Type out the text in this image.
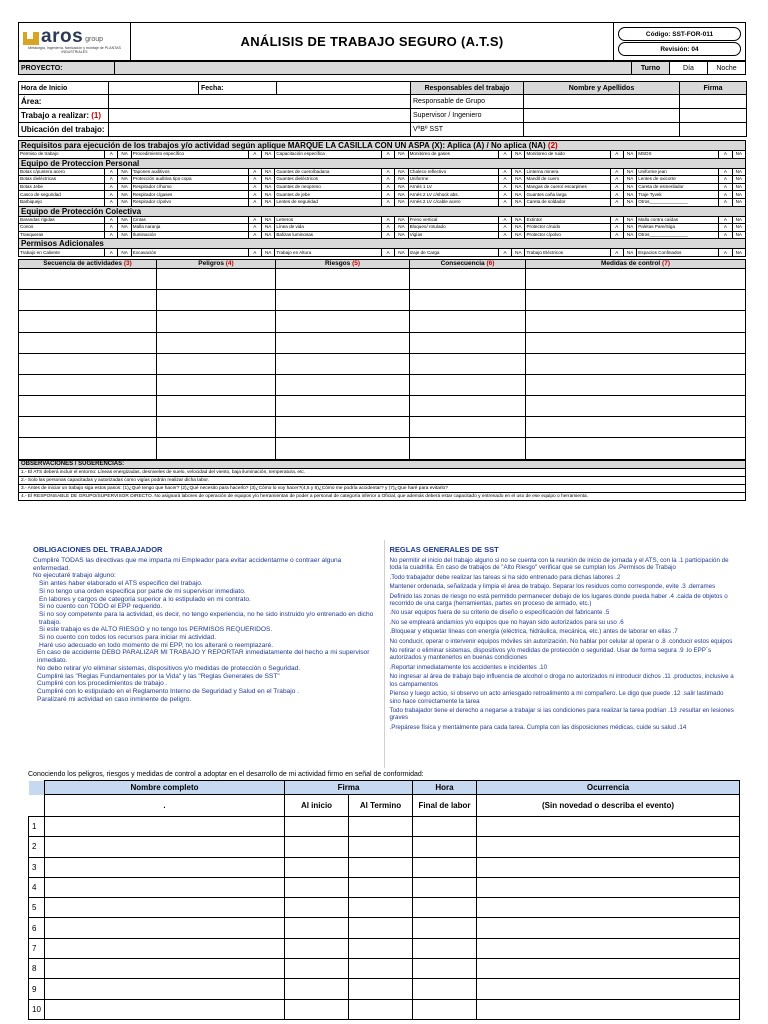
aros group
Metalurgia, Ingeniería, fabricación y montaje de PLANTAS INDUSTRIALES
	ANÁLISIS DE TRABAJO SEGURO (A.T.S)	Código: SST-FOR-011
Revisión: 04
PROYECTO:		Turno	Día	Noche
Hora de Inicio		Fecha:		Responsables del trabajo	Nombre y Apellidos	Firma
Área:				Responsable de Grupo		
Trabajo a realizar: (1)				Supervisor / Ingeniero		
Ubicación del trabajo:				VºBº SST		
Requisitos para ejecución de los trabajos y/o actividad según aplique MARQUE LA CASILLA CON UN ASPA (X): Aplica (A) / No aplica (NA) (2)																	
Permiso de trabajo	A	NA	Procedimiento específico	A	NA	Capacitación específica	A	NA	Monitoreo de gases	A	NA	Monitoreo de ruido	A	NA	MSDS	A	NA
Equipo de Proteccion Personal																	
Botas c/puntera acero	A	NA	Tapones auditivos	A	NA	Guantes de cuero/badana	A	NA	Chaleco reflectivo	A	NA	Linterna minera	A	NA	Uniforme jean	A	NA
Botas dieléctricas	A	NA	Protección auditiva tipo copa	A	NA	Guantes dieléctricos	A	NA	Uniforme	A	NA	Mandil de cuero	A	NA	Lentes de oxicorte	A	NA
Botas Jebe	A	NA	Respirador c/humo	A	NA	Guantes de neopreno	A	NA	Arnés 1 LV	A	NA	Mangas de cuero/ escarpines	A	NA	Careta de esmerilador	A	NA
Casco de seguridad	A	NA	Respirador c/gases	A	NA	Guantes de jebe	A	NA	Arnés 2 LV c/shock abs.	A	NA	Guantes caña larga	A	NA	Traje Tyvek	A	NA
Barbiquejo	A	NA	Respirador c/polvo	A	NA	Lentes de seguridad	A	NA	Arnés 2 LV c/cable acero	A	NA	Careta de soldador	A	NA	Otros_______________	A	NA
Equipo de Protección Colectiva																	
Barandas rígidas	A	NA	Cintas	A	NA	Letreros	A	NA	Freno vertical	A	NA	Extintor	A	NA	Malla contra caídas	A	NA
Conos	A	NA	Malla naranja	A	NA	Línea de vida	A	NA	Bloqueo/ rotulado	A	NA	Protector c/ruido	A	NA	Paletas Pare/Siga	A	NA
Tranqueras	A	NA	Iluminación	A	NA	Balizas luminosas	A	NA	Vigías	A	NA	Protector c/polvo	A	NA	Otros_______________	A	NA
Permisos Adicionales																	
Trabajo en Caliente	A	NA	Excavación	A	NA	Trabajo en Altura	A	NA	Izaje de Carga	A	NA	Trabajo Eléctricos	A	NA	Espacios Confinados	A	NA
Secuencia de actividades (3)	Peligros (4)	Riesgos (5)	Consecuencia (6)	Medidas de control (7)

OBSERVACIONES / SUGERENCIAS:
1.- El ATS deberá incluir el entorno: Líneas energizadas, desniveles de suelo, velocidad del viento, baja iluminación, temperatura, etc.
2.- Solo las personas capacitadas y autorizadas como vigías podrán realizar dicha labor.
3.- Antes de iniciar un trabajo siga estos pasos: (1)¿Qué tengo que hacer? (2)¿Qué necesito para hacerlo? (3)¿Cómo lo voy hacer?(4,5 y 6)¿Cómo me podría accidentar? y (7)¿Que haré para evitarlo?
4.- El RESPONSABLE DE GRUPO/SUPERVISOR DIRECTO. No asignará labores de operación de equipos y/o herramientas de poder a personal de categoría inferior a Oficial, que además deberá estar capacitado y entrenado en el uso de ese equipo o herramienta.
OBLIGACIONES DEL TRABAJADOR

Cumpliré TODAS las directivas que me imparta mi Empleador para evitar accidentarme o contraer alguna enfermedad.

No ejecutaré trabajo alguno:

Sin antes haber elaborado el ATS especifico del trabajo.

Si no tengo una orden especifica por parte de mi supervisor inmediato.

En labores y cargos de categoria superior a lo estipulado en mi contrato.

Si no cuento con TODO el EPP requerido.

Si no soy competente para la actividad, es decir, no tengo experiencia, no he sido instruido y/o entrenado en dicho trabajo.

Si este trabajo es de ALTO RIESGO y no tengo los PERMISOS REQUERIDOS.

Si no cuento con todos los recursos para iniciar mi actividad.

Haré uso adecuado en todo momento de mi EPP, no los alteraré o reemplazaré.

En caso de accidente DEBO PARALIZAR MI TRABAJO Y REPORTAR inmediatamente del hecho a mi supervisor inmediato.

No debo retirar y/o eliminar sistemas, dispositivos y/o medidas de protección o Seguridad.

Cumpliré las "Reglas Fundamentales por la Vida" y las "Reglas Generales de SST"

Cumpliré con los procedimientos de trabajo .

Cumpliré con lo estipulado en el Reglamento Interno de Seguridad y Salud en el Trabajo .

Paralizaré mi actividad en caso inminente de peligro.

REGLAS GENERALES DE SST

No permitir el inicio del trabajo alguno si no se cuenta con la reunión de inicio de jornada y el ATS, con la .1 participación de toda la cuadrilla. En caso de trabajos de "Alto Riesgo" verificar que se cumplan los .Permisos de Trabajo

.Todo trabajador debe realizar las tareas si ha sido entrenado para dichas labores .2

Mantener ordenada, señalizada y limpia el área de trabajo. Separar los residuos como corresponde, evite .3 .derrames

Definido las zonas de riesgo no está permitido permanecer debajo de los lugares donde pueda haber .4 .caida de objetos o recorrido de una carga (herramientas, partes en proceso de armado, etc.)

.No usar equipos fuera de su criterio de diseño o especificación del fabricante .5

.No se empleará andamios y/o equipos que no hayan sido autorizados para su uso .6

.Bloquear y etiquetar líneas con energía (eléctrica, hidráulica, mecánica, etc.) antes de laborar en ellas .7

No conducir, operar o intervenir equipos móviles sin autorización. No hablar por celular al operar o .8 .conducir estos equipos

No retirar o eliminar sistemas, dispositivos y/o medidas de protección o seguridad. Usar de forma segura .9 .lo EPP´s autorizados y mantenerlos en buenas condiciones

.Reportar inmediatamente los accidentes e incidentes .10

No ingresar al área de trabajo bajo influencia de alcohol o droga no autorizados ni introducir dichos .11 .productos, inclusive a los campamentos

Pienso y luego actúo, si observo un acto arriesgado retroalimento a mi compañero. Le digo que puede .12 .salir lastimado sino hace correctamente la tarea

Todo trabajador tiene el derecho a negarse a trabajar si las condiciones para realizar la tarea podrian .13 .resultar en lesiones graves

.Prepárese física y mentalmente para cada tarea. Cumpla con las disposiciones médicas, cuide su salud .14

Conociendo los peligros, riesgos y medidas de control a adoptar en el desarrollo de mi actividad firmo en señal de conformidad:
	Nombre completo	Firma		Hora	Ocurrencia
	.	Al inicio	Al Termino	Final de labor	(Sin novedad o describa el evento)
1					
2					
3					
4					
5					
6					
7					
8					
9					
10					
